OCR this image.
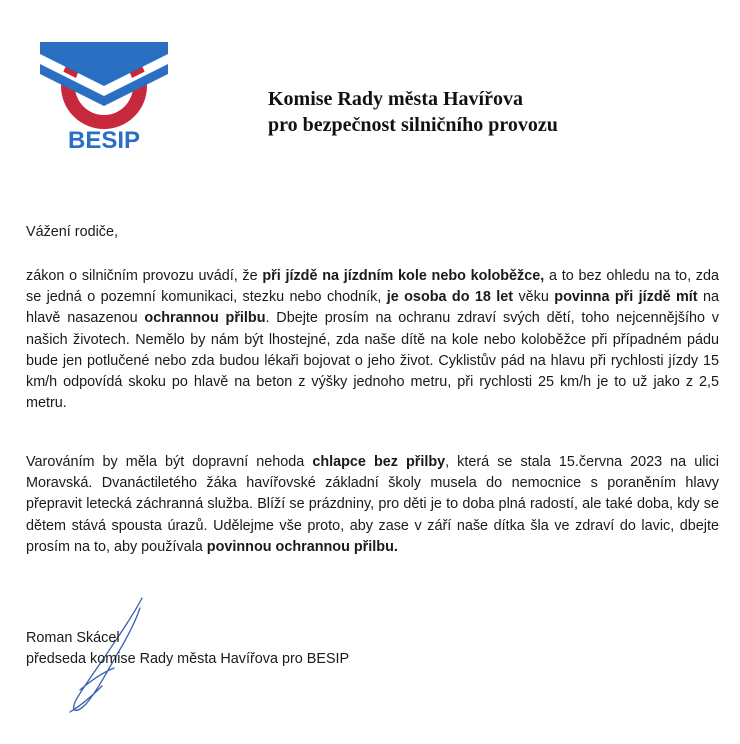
BESIP
Komise Rady města Havířova
pro bezpečnost silničního provozu
Vážení rodiče,
zákon o silničním provozu uvádí, že při jízdě na jízdním kole nebo koloběžce, a to bez ohledu na to, zda se jedná o pozemní komunikaci, stezku nebo chodník, je osoba do 18 let věku povinna při jízdě mít na hlavě nasazenou ochrannou přilbu. Dbejte prosím na ochranu zdraví svých dětí, toho nejcennějšího v našich životech. Nemělo by nám být lhostejné, zda naše dítě na kole nebo koloběžce při případném pádu bude jen potlučené nebo zda budou lékaři bojovat o jeho život. Cyklistův pád na hlavu při rychlosti jízdy 15 km/h odpovídá skoku po hlavě na beton z výšky jednoho metru, při rychlosti 25 km/h je to už jako z 2,5 metru.
Varováním by měla být dopravní nehoda chlapce bez přilby, která se stala 15.června 2023 na ulici Moravská. Dvanáctiletého žáka havířovské základní školy musela do nemocnice s poraněním hlavy přepravit letecká záchranná služba. Blíží se prázdniny, pro děti je to doba plná radostí, ale také doba, kdy se dětem stává spousta úrazů. Udělejme vše proto, aby zase v září naše dítka šla ve zdraví do lavic, dbejte prosím na to, aby používala povinnou ochrannou přilbu.
Roman Skácel
předseda komise Rady města Havířova pro BESIP
